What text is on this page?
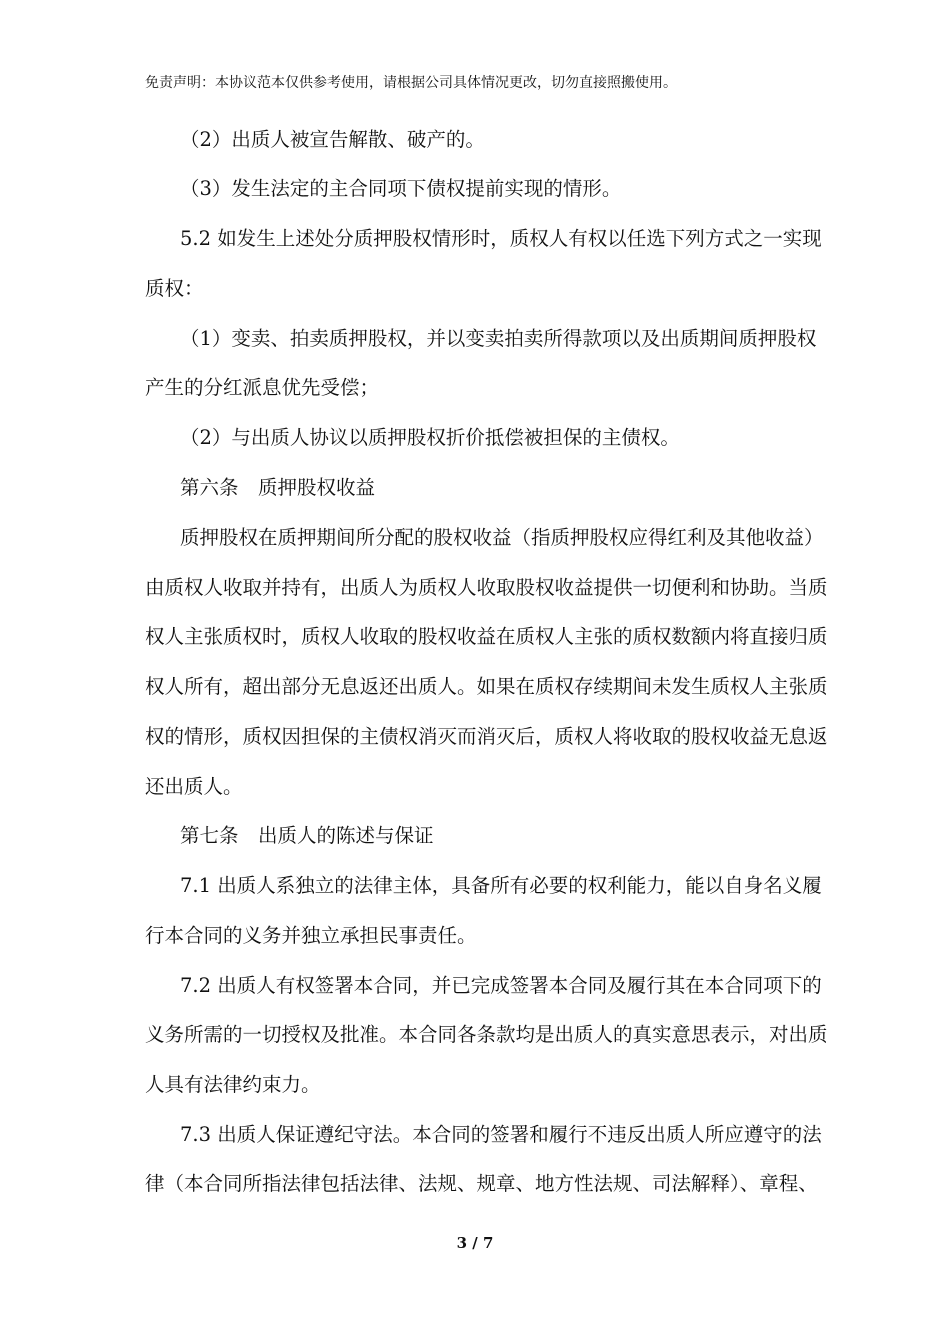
免责声明：本协议范本仅供参考使用，请根据公司具体情况更改，切勿直接照搬使用。
（2）出质人被宣告解散、破产的。
（3）发生法定的主合同项下债权提前实现的情形。
5.2 如发生上述处分质押股权情形时，质权人有权以任选下列方式之一实现
质权：
（1）变卖、拍卖质押股权，并以变卖拍卖所得款项以及出质期间质押股权
产生的分红派息优先受偿；
（2）与出质人协议以质押股权折价抵偿被担保的主债权。
第六条　质押股权收益
质押股权在质押期间所分配的股权收益（指质押股权应得红利及其他收益）
由质权人收取并持有，出质人为质权人收取股权收益提供一切便利和协助。当质
权人主张质权时，质权人收取的股权收益在质权人主张的质权数额内将直接归质
权人所有，超出部分无息返还出质人。如果在质权存续期间未发生质权人主张质
权的情形，质权因担保的主债权消灭而消灭后，质权人将收取的股权收益无息返
还出质人。
第七条　出质人的陈述与保证
7.1 出质人系独立的法律主体，具备所有必要的权利能力，能以自身名义履
行本合同的义务并独立承担民事责任。
7.2 出质人有权签署本合同，并已完成签署本合同及履行其在本合同项下的
义务所需的一切授权及批准。本合同各条款均是出质人的真实意思表示，对出质
人具有法律约束力。
7.3 出质人保证遵纪守法。本合同的签署和履行不违反出质人所应遵守的法
律（本合同所指法律包括法律、法规、规章、地方性法规、司法解释）、章程、
3 / 7
